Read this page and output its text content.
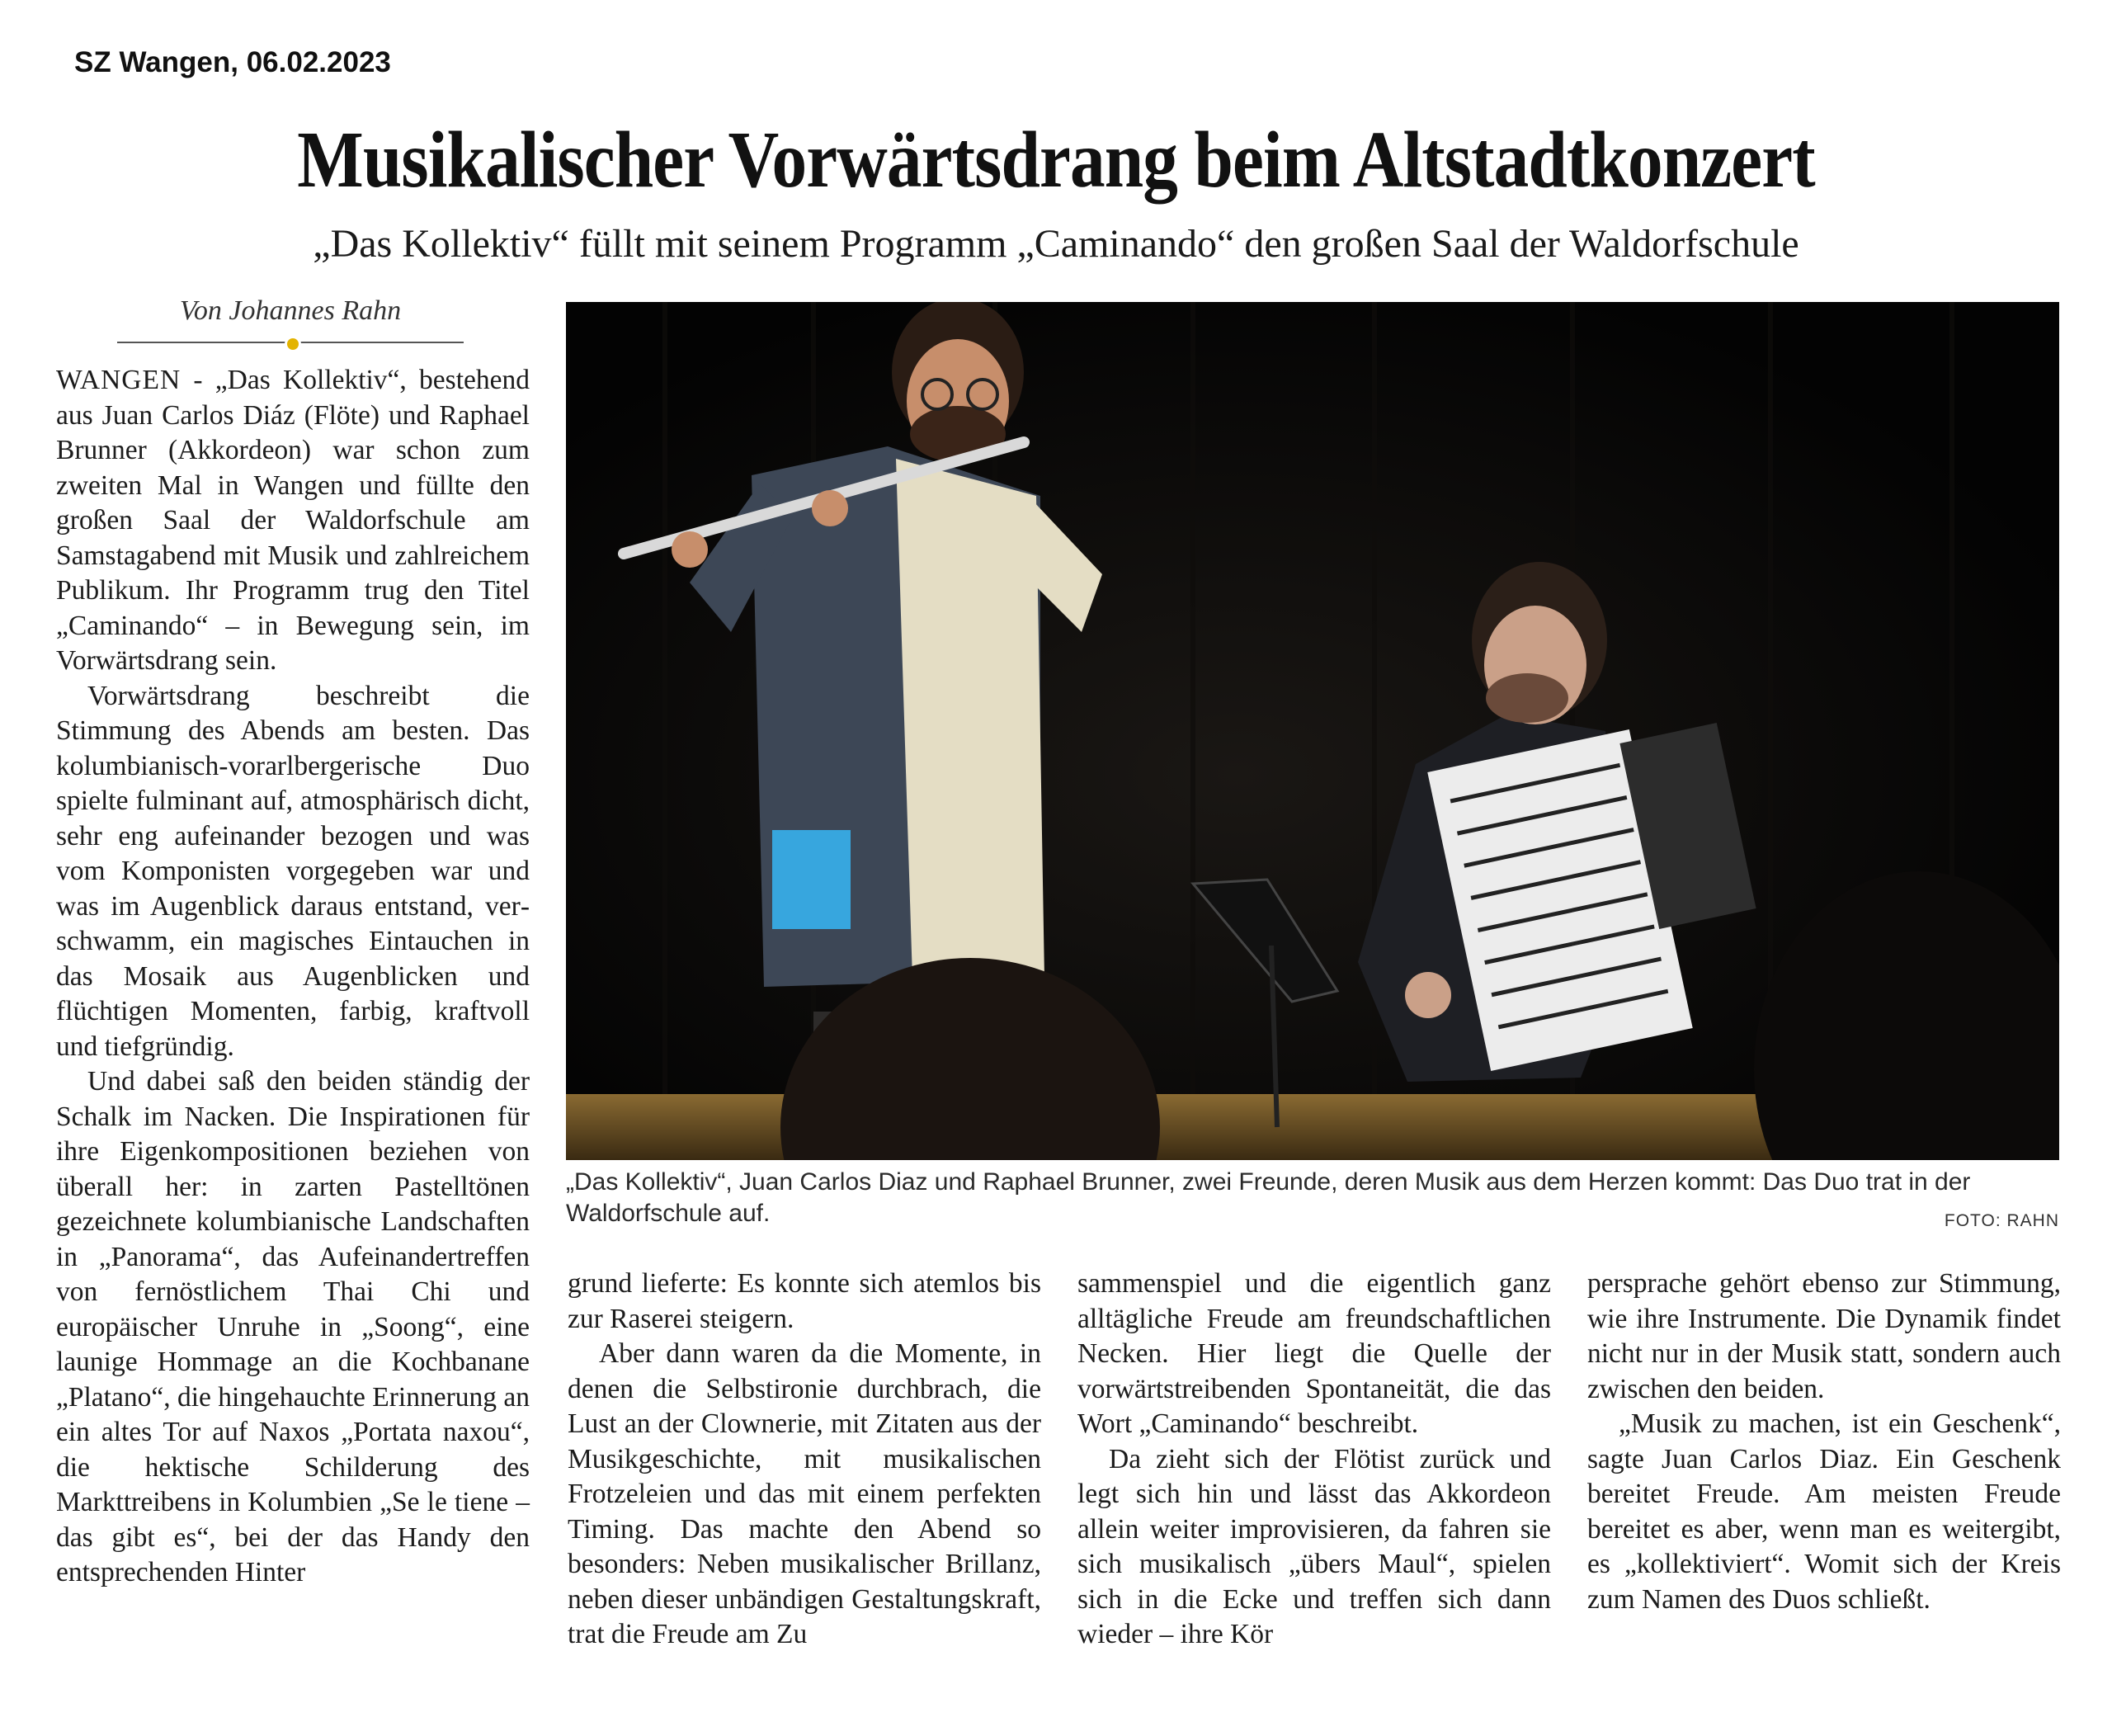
SZ Wangen, 06.02.2023
Musikalischer Vorwärtsdrang beim Altstadtkonzert
„Das Kollektiv“ füllt mit seinem Programm „Caminando“ den großen Saal der Waldorfschule
Von Johannes Rahn

WANGEN - „Das Kollektiv“, bestehend aus Juan Carlos Diáz (Flöte) und Raphael Brunner (Akkordeon) war schon zum zweiten Mal in Wangen und füllte den großen Saal der Waldorfschule am Samstagabend mit Musik und zahlreichem Publikum. Ihr Programm trug den Titel „Caminando“ – in Bewegung sein, im Vorwärtsdrang sein.

Vorwärtsdrang beschreibt die Stimmung des Abends am besten. Das kolumbianisch-vorarlbergerische Duo spielte fulminant auf, atmosphärisch dicht, sehr eng aufeinander bezogen und was vom Komponisten vorgegeben war und was im Augenblick daraus entstand, verschwamm, ein magisches Eintauchen in das Mosaik aus Augenblicken und flüchtigen Momenten, farbig, kraftvoll und tiefgründig.

Und dabei saß den beiden ständig der Schalk im Nacken. Die Inspirationen für ihre Eigenkompositionen beziehen von überall her: in zarten Pastelltönen gezeichnete kolumbianische Landschaften in „Panorama“, das Aufeinandertreffen von fernöstlichem Thai Chi und europäischer Unruhe in „Soong“, eine launige Hommage an die Kochbanane „Platano“, die hingehauchte Erinnerung an ein altes Tor auf Naxos „Portata naxou“, die hektische Schilderung des Markttreibens in Kolumbien „Se le tiene – das gibt es“, bei der das Handy den entsprechenden Hinter

„Das Kollektiv“, Juan Carlos Diaz und Raphael Brunner, zwei Freunde, deren Musik aus dem Herzen kommt: Das Duo trat in der Waldorfschule auf.	FOTO: RAHN

grund lieferte: Es konnte sich atemlos bis zur Raserei steigern.

Aber dann waren da die Momente, in denen die Selbstironie durchbrach, die Lust an der Clownerie, mit Zitaten aus der Musikgeschichte, mit musikalischen Frotzeleien und das mit einem perfekten Timing. Das machte den Abend so besonders: Neben musikalischer Brillanz, neben dieser unbändigen Gestaltungskraft, trat die Freude am Zu

sammenspiel und die eigentlich ganz alltägliche Freude am freundschaftlichen Necken. Hier liegt die Quelle der vorwärtstreibenden Spontaneität, die das Wort „Caminando“ beschreibt.

Da zieht sich der Flötist zurück und legt sich hin und lässt das Akkordeon allein weiter improvisieren, da fahren sie sich musikalisch „übers Maul“, spielen sich in die Ecke und treffen sich dann wieder – ihre Kör

persprache gehört ebenso zur Stimmung, wie ihre Instrumente. Die Dynamik findet nicht nur in der Musik statt, sondern auch zwischen den beiden.

„Musik zu machen, ist ein Geschenk“, sagte Juan Carlos Diaz. Ein Geschenk bereitet Freude. Am meisten Freude bereitet es aber, wenn man es weitergibt, es „kollektiviert“. Womit sich der Kreis zum Namen des Duos schließt.
